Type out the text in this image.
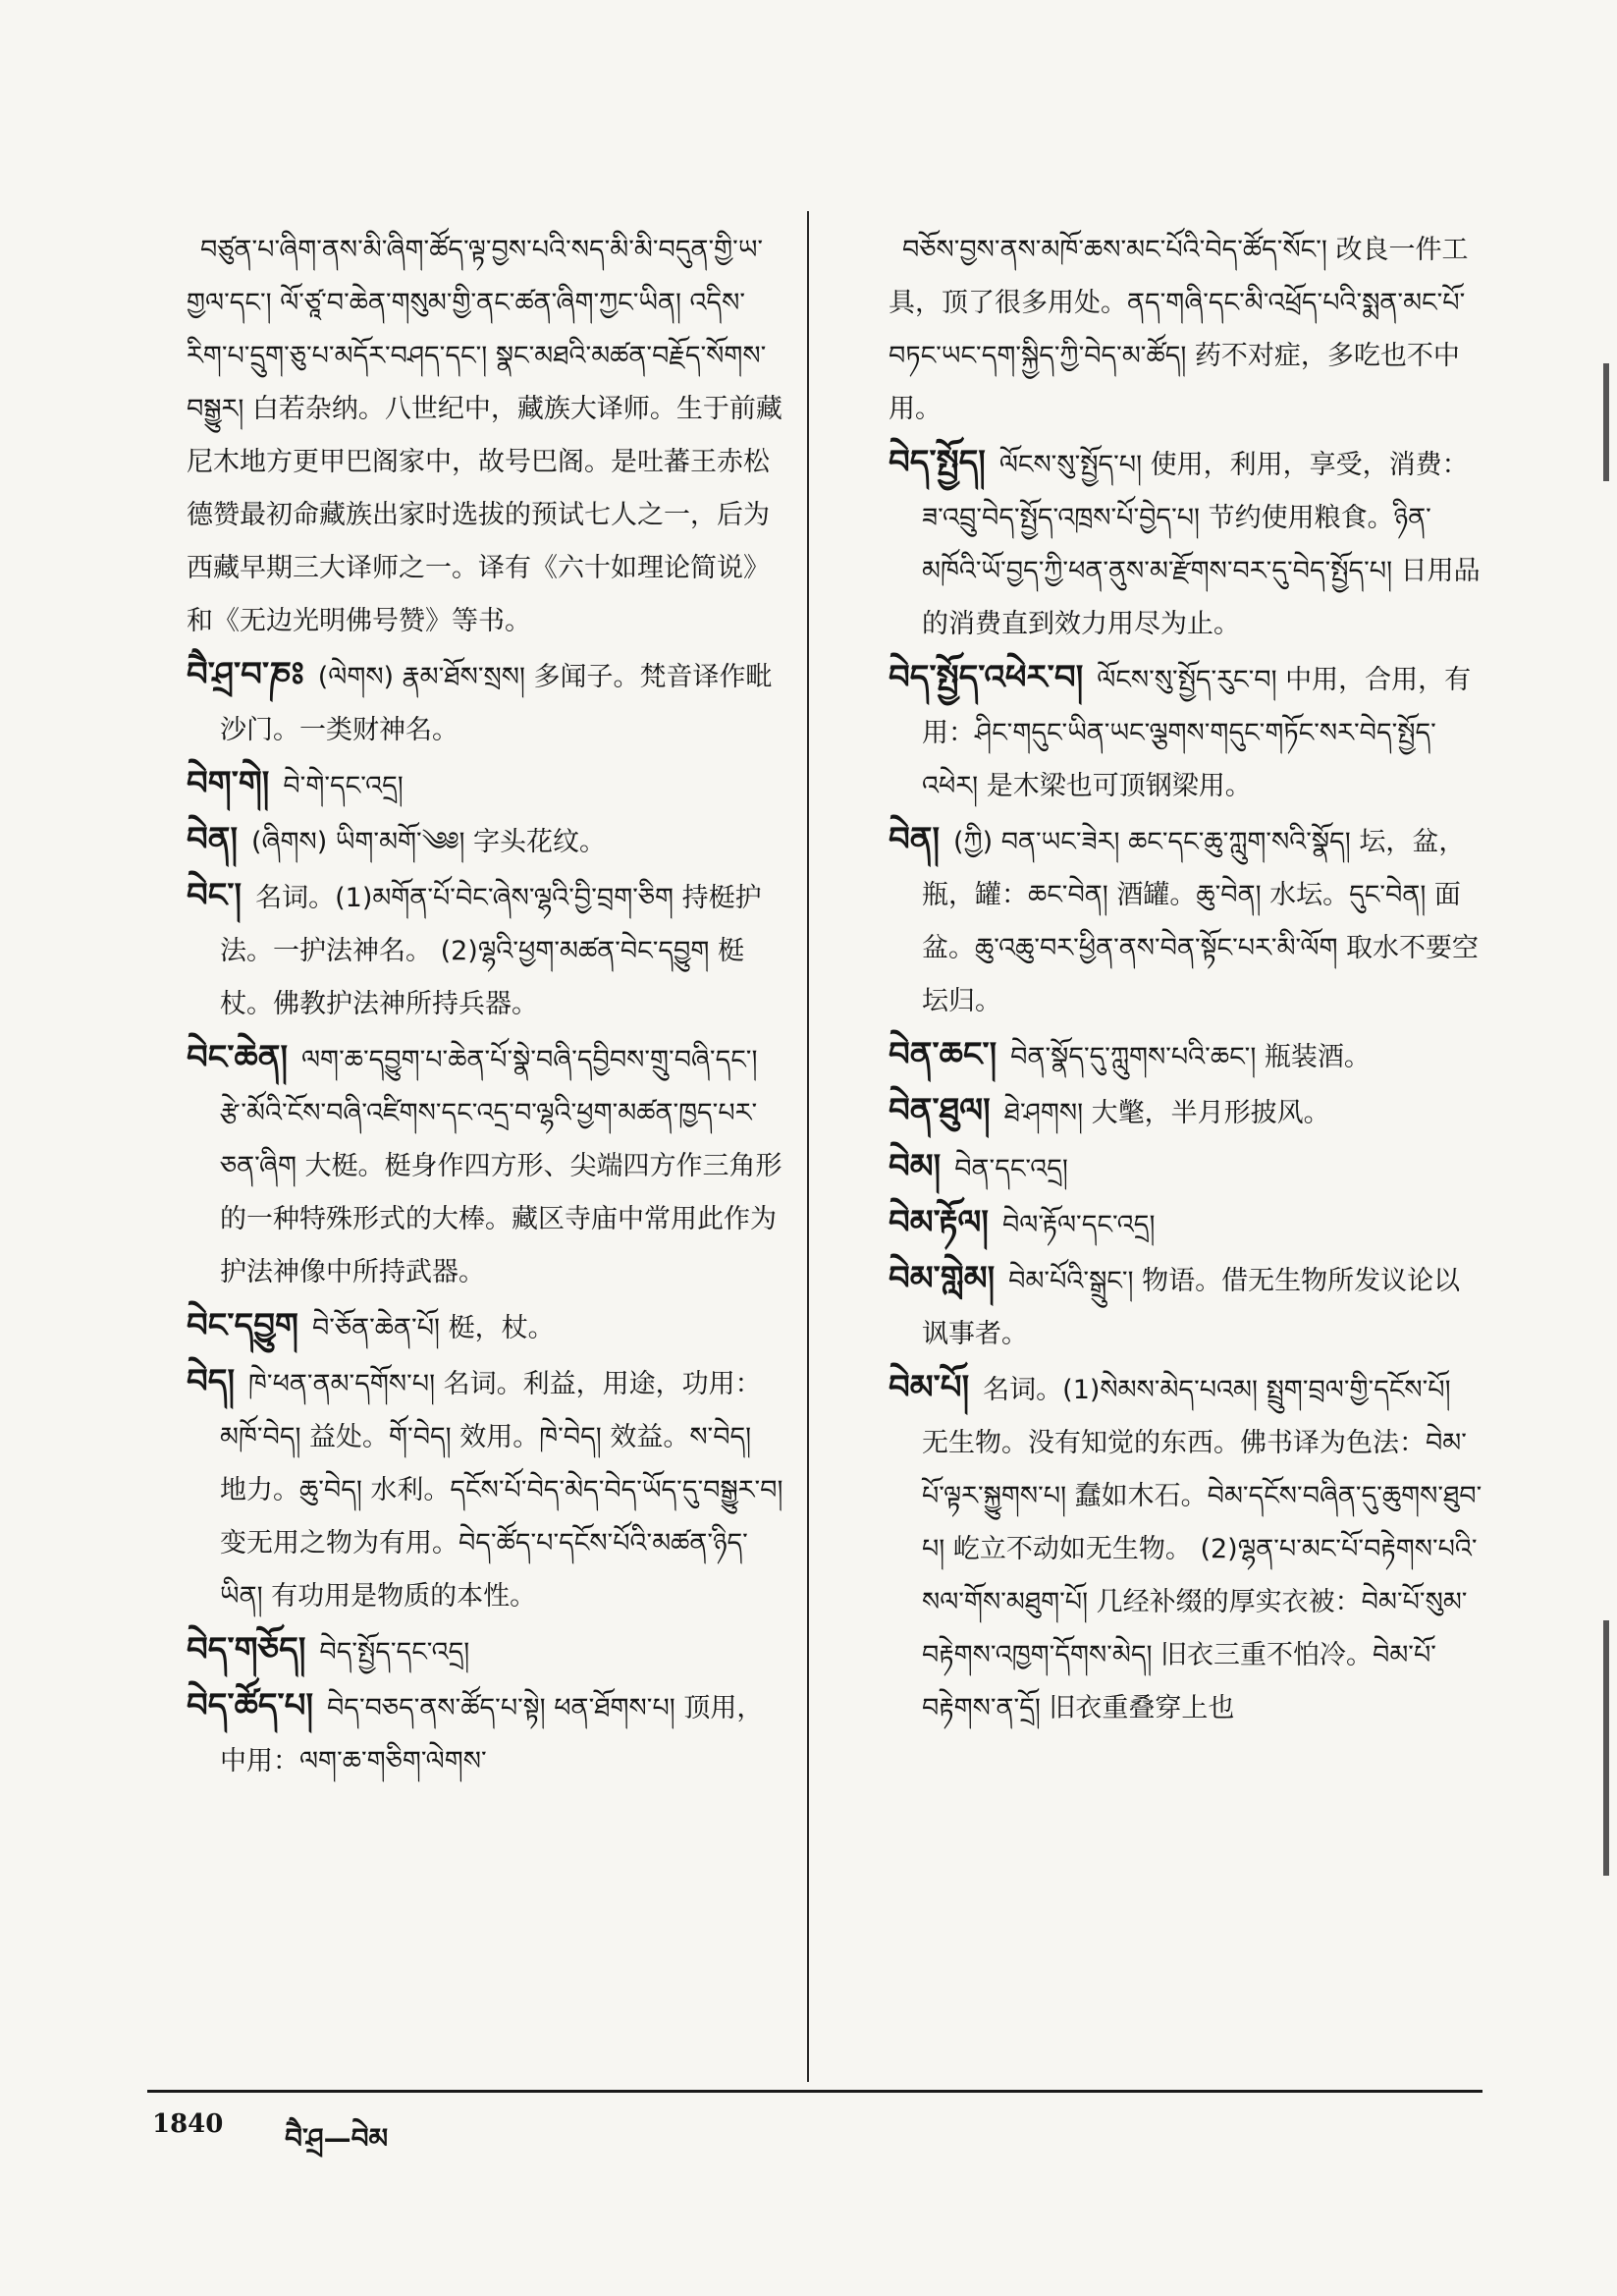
བཙུན་པ་ཞིག་ནས་མི་ཞིག་ཚོད་ལྟ་བྱས་པའི་སད་མི་མི་བདུན་གྱི་ཡ་གྱལ་དང་། ལོ་ཙཱ་བ་ཆེན་གསུམ་གྱི་ནང་ཚན་ཞིག་ཀྱང་ཡིན། འདིས་རིག་པ་དྲུག་ཅུ་པ་མདོར་བཤད་དང་། སྣང་མཐའི་མཚན་བརྗོད་སོགས་བསྒྱུར། 白若杂纳。八世纪中，藏族大译师。生于前藏尼木地方更甲巴阁家中，故号巴阁。是吐蕃王赤松德赞最初命藏族出家时选拔的预试七人之一，后为西藏早期三大译师之一。译有《六十如理论简说》和《无边光明佛号赞》等书。

བཻ་ཤྲ་བ་ཎཿ (ལེགས) རྣམ་ཐོས་སྲས། 多闻子。梵音译作毗沙门。一类财神名。

བེག་གེ། བེ་གེ་དང་འདྲ།

བེན། (ཞིགས) ཡིག་མགོ་༄༅། 字头花纹。

བེང་། 名词。(1)མགོན་པོ་བེང་ཞེས་ལྷའི་བྱི་བྲག་ཅིག 持梃护法。一护法神名。 (2)ལྷའི་ཕྱག་མཚན་བེང་དབྱུག 梃杖。佛教护法神所持兵器。

བེང་ཆེན། ལག་ཆ་དབྱུག་པ་ཆེན་པོ་སྣེ་བཞི་དབྱིབས་གྲུ་བཞི་དང་། རྩེ་མོའི་ངོས་བཞི་འཛིགས་དང་འདྲ་བ་ལྷའི་ཕྱག་མཚན་ཁྱད་པར་ཅན་ཞིག 大梃。梃身作四方形、尖端四方作三角形的一种特殊形式的大棒。藏区寺庙中常用此作为护法神像中所持武器。

བེང་དབྱུག བེ་ཅོན་ཆེན་པོ། 梃，杖。

བེད། ཁེ་ཕན་ནམ་དགོས་པ། 名词。利益，用途，功用：མཁོ་བེད། 益处。གོ་བེད། 效用。ཁེ་བེད། 效益。ས་བེད། 地力。ཆུ་བེད། 水利。དངོས་པོ་བེད་མེད་བེད་ཡོད་དུ་བསྒྱུར་བ། 变无用之物为有用。བེད་ཚོད་པ་དངོས་པོའི་མཚན་ཉིད་ཡིན། 有功用是物质的本性。

བེད་གཅོད། བེད་སྤྱོད་དང་འདྲ།

བེད་ཚོད་པ། བེད་བཅད་ནས་ཚོད་པ་སྟེ། ཕན་ཐོགས་པ། 顶用，中用：ལག་ཆ་གཅིག་ལེགས་

བཅོས་བྱས་ནས་མཁོ་ཆས་མང་པོའི་བེད་ཚོད་སོང་། 改良一件工具，顶了很多用处。ནད་གཞི་དང་མི་འཕྲོད་པའི་སྨན་མང་པོ་བཏང་ཡང་དག་སྐྱིད་ཀྱི་བེད་མ་ཚོད། 药不对症，多吃也不中用。

བེད་སྤྱོད། ལོངས་སུ་སྤྱོད་པ། 使用，利用，享受，消费：ཟ་འབྲུ་བེད་སྤྱོད་འཁྲས་པོ་བྱེད་པ། 节约使用粮食。ཉིན་མཁོའི་ཡོ་བྱད་ཀྱི་ཕན་ནུས་མ་རྫོགས་བར་དུ་བེད་སྤྱོད་པ། 日用品的消费直到效力用尽为止。

བེད་སྤྱོད་འཕེར་བ། ལོངས་སུ་སྤྱོད་རུང་བ། 中用，合用，有用：ཤིང་གདུང་ཡིན་ཡང་ལྕགས་གདུང་གཏོང་སར་བེད་སྤྱོད་འཕེར། 是木梁也可顶钢梁用。

བེན། (ཀྱི) བན་ཡང་ཟེར། ཆང་དང་ཆུ་ཀླུག་སའི་སྣོད། 坛，盆，瓶，罐：ཆང་བེན། 酒罐。ཆུ་བེན། 水坛。དུང་བེན། 面盆。ཆུ་འཆུ་བར་ཕྱིན་ནས་བེན་སྟོང་པར་མི་ལོག 取水不要空坛归。

བེན་ཆང་། བེན་སྣོད་དུ་ཀླུགས་པའི་ཆང་། 瓶装酒。

བེན་ཐུལ། ཐེ་ཤགས། 大氅，半月形披风。

བེམ། བེན་དང་འདྲ།

བེམ་རྟོལ། བེལ་རྟོལ་དང་འདྲ།

བེམ་གླེམ། བེམ་པོའི་སྒྲུང་། 物语。借无生物所发议论以讽事者。

བེམ་པོ། 名词。(1)སེམས་མེད་པའམ། སྤྲུག་བྲལ་གྱི་དངོས་པོ། 无生物。没有知觉的东西。佛书译为色法：བེམ་པོ་ལྟར་སྐྱུགས་པ། 蠢如木石。བེམ་དངོས་བཞིན་དུ་ཆུགས་ཐུབ་པ། 屹立不动如无生物。 (2)ལྷན་པ་མང་པོ་བརྟེགས་པའི་སལ་གོས་མཐུག་པོ། 几经补缀的厚实衣被：བེམ་པོ་སུམ་བརྟེགས་འཁྱག་དོགས་མེད། 旧衣三重不怕冷。བེམ་པོ་བརྟེགས་ན་དྲོ། 旧衣重叠穿上也

1840 བཻ་ཤྲ—བེམ
